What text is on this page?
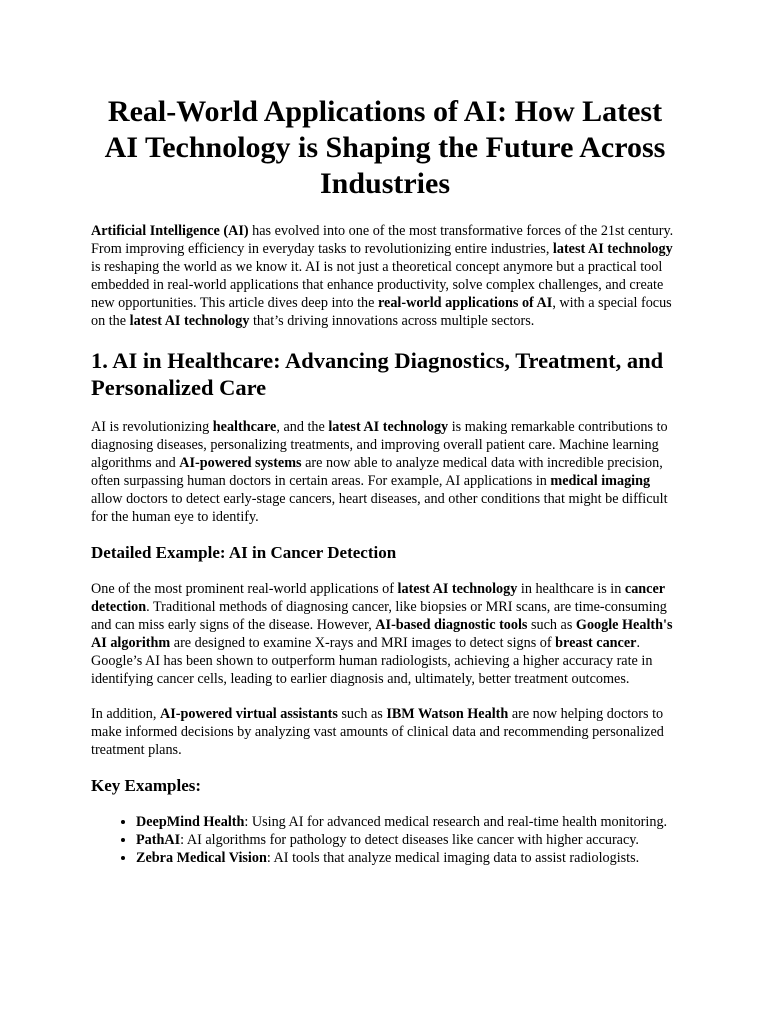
Real-World Applications of AI: How Latest AI Technology is Shaping the Future Across Industries

Artificial Intelligence (AI) has evolved into one of the most transformative forces of the 21st century. From improving efficiency in everyday tasks to revolutionizing entire industries, latest AI technology is reshaping the world as we know it. AI is not just a theoretical concept anymore but a practical tool embedded in real-world applications that enhance productivity, solve complex challenges, and create new opportunities. This article dives deep into the real-world applications of AI, with a special focus on the latest AI technology that’s driving innovations across multiple sectors.

1. AI in Healthcare: Advancing Diagnostics, Treatment, and Personalized Care

AI is revolutionizing healthcare, and the latest AI technology is making remarkable contributions to diagnosing diseases, personalizing treatments, and improving overall patient care. Machine learning algorithms and AI-powered systems are now able to analyze medical data with incredible precision, often surpassing human doctors in certain areas. For example, AI applications in medical imaging allow doctors to detect early-stage cancers, heart diseases, and other conditions that might be difficult for the human eye to identify.

Detailed Example: AI in Cancer Detection

One of the most prominent real-world applications of latest AI technology in healthcare is in cancer detection. Traditional methods of diagnosing cancer, like biopsies or MRI scans, are time-consuming and can miss early signs of the disease. However, AI-based diagnostic tools such as Google Health's AI algorithm are designed to examine X-rays and MRI images to detect signs of breast cancer. Google’s AI has been shown to outperform human radiologists, achieving a higher accuracy rate in identifying cancer cells, leading to earlier diagnosis and, ultimately, better treatment outcomes.

In addition, AI-powered virtual assistants such as IBM Watson Health are now helping doctors to make informed decisions by analyzing vast amounts of clinical data and recommending personalized treatment plans.

Key Examples:
• DeepMind Health: Using AI for advanced medical research and real-time health monitoring.
• PathAI: AI algorithms for pathology to detect diseases like cancer with higher accuracy.
• Zebra Medical Vision: AI tools that analyze medical imaging data to assist radiologists.
